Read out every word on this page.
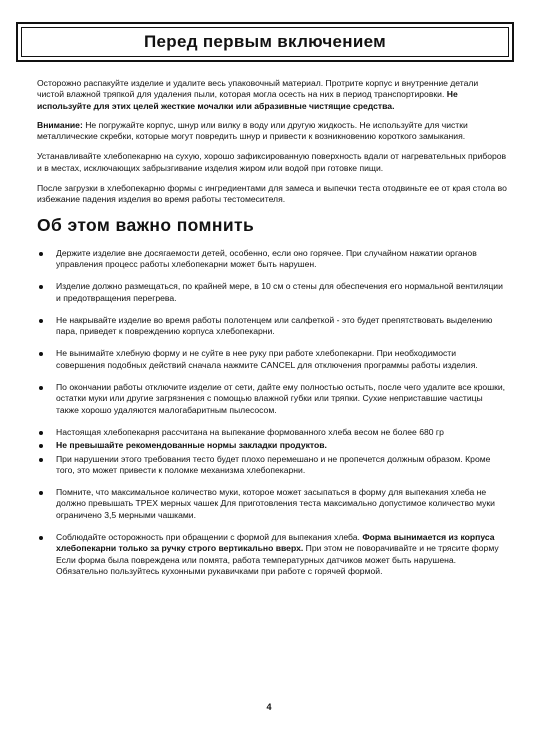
Перед первым включением

Осторожно распакуйте изделие и удалите весь упаковочный материал. Протрите корпус и внутренние детали чистой влажной тряпкой для удаления пыли, которая могла осесть на них в период транспортировки. Не используйте для этих целей жесткие мочалки или абразивные чистящие средства.

Внимание: Не погружайте корпус, шнур или вилку в воду или другую жидкость. Не используйте для чистки металлические скребки, которые могут повредить шнур и привести к возникновению короткого замыкания.

Устанавливайте хлебопекарню на сухую, хорошо зафиксированную поверхность вдали от нагревательных приборов и в местах, исключающих забрызгивание изделия жиром или водой при готовке пищи.

После загрузки в хлебопекарню формы с ингредиентами для замеса и выпечки теста отодвиньте ее от края стола во избежание падения изделия во время работы тестомесителя.

Об этом важно помнить
Держите изделие вне досягаемости детей, особенно, если оно горячее. При случайном нажатии органов управления процесс работы хлебопекарни может быть нарушен.
Изделие должно размещаться, по крайней мере, в 10 см о стены для обеспечения его нормальной вентиляции и предотвращения перегрева.
Не накрывайте изделие во время работы полотенцем или салфеткой - это будет препятствовать выделению пара, приведет к повреждению корпуса хлебопекарни.
Не вынимайте хлебную форму и не суйте в нее руку при работе хлебопекарни. При необходимости совершения подобных действий сначала нажмите CANCEL для отключения программы работы изделия.
По окончании работы отключите изделие от сети, дайте ему полностью остыть, после чего удалите все крошки, остатки муки или другие загрязнения с помощью влажной губки или тряпки. Сухие неприставшие частицы также хорошо удаляются малогабаритным пылесосом.
Настоящая хлебопекарня рассчитана на выпекание формованного хлеба весом не более 680 гр
Не превышайте рекомендованные нормы закладки продуктов.
При нарушении этого требования тесто будет плохо перемешано и не пропечется должным образом. Кроме того, это может привести к поломке механизма хлебопекарни.
Помните, что максимальное количество муки, которое может засыпаться в форму для выпекания хлеба не должно превышать ТРЕХ мерных чашек Для приготовления теста максимально допустимое количество муки ограничено 3,5 мерными чашками.
Соблюдайте осторожность при обращении с формой для выпекания хлеба. Форма вынимается из корпуса хлебопекарни только за ручку строго вертикально вверх. При этом не поворачивайте и не трясите форму Если форма была повреждена или помята, работа температурных датчиков может быть нарушена. Обязательно пользуйтесь кухонными рукавичками при работе с горячей формой.
4
